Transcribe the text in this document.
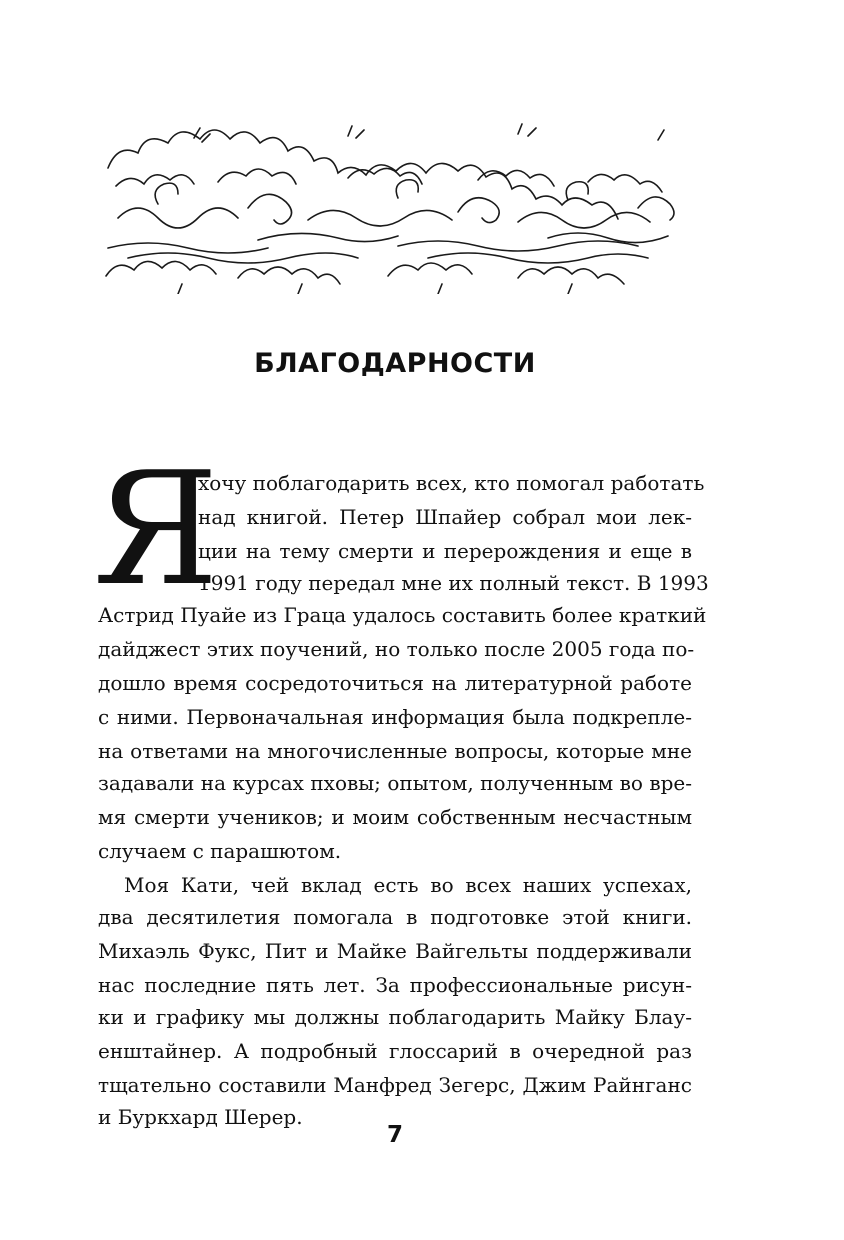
БЛАГОДАРНОСТИ
Я

хочу поблагодарить всех, кто помогал работать

над книгой. Петер Шпайер собрал мои лек-

ции на тему смерти и перерождения и еще в

1991 году передал мне их полный текст. В 1993

Астрид Пуайе из Граца удалось составить более краткий

дайджест этих поучений, но только после 2005 года по-

дошло время сосредоточиться на литературной работе

с ними. Первоначальная информация была подкрепле-

на ответами на многочисленные вопросы, которые мне

задавали на курсах пховы; опытом, полученным во вре-

мя смерти учеников; и моим собственным несчастным

случаем с парашютом.

Моя Кати, чей вклад есть во всех наших успехах,

два десятилетия помогала в подготовке этой книги.

Михаэль Фукс, Пит и Майке Вайгельты поддерживали

нас последние пять лет. За профессиональные рисун-

ки и графику мы должны поблагодарить Майку Блау-

енштайнер. А подробный глоссарий в очередной раз

тщательно составили Манфред Зегерс, Джим Райнганс

и Буркхард Шерер.

7
